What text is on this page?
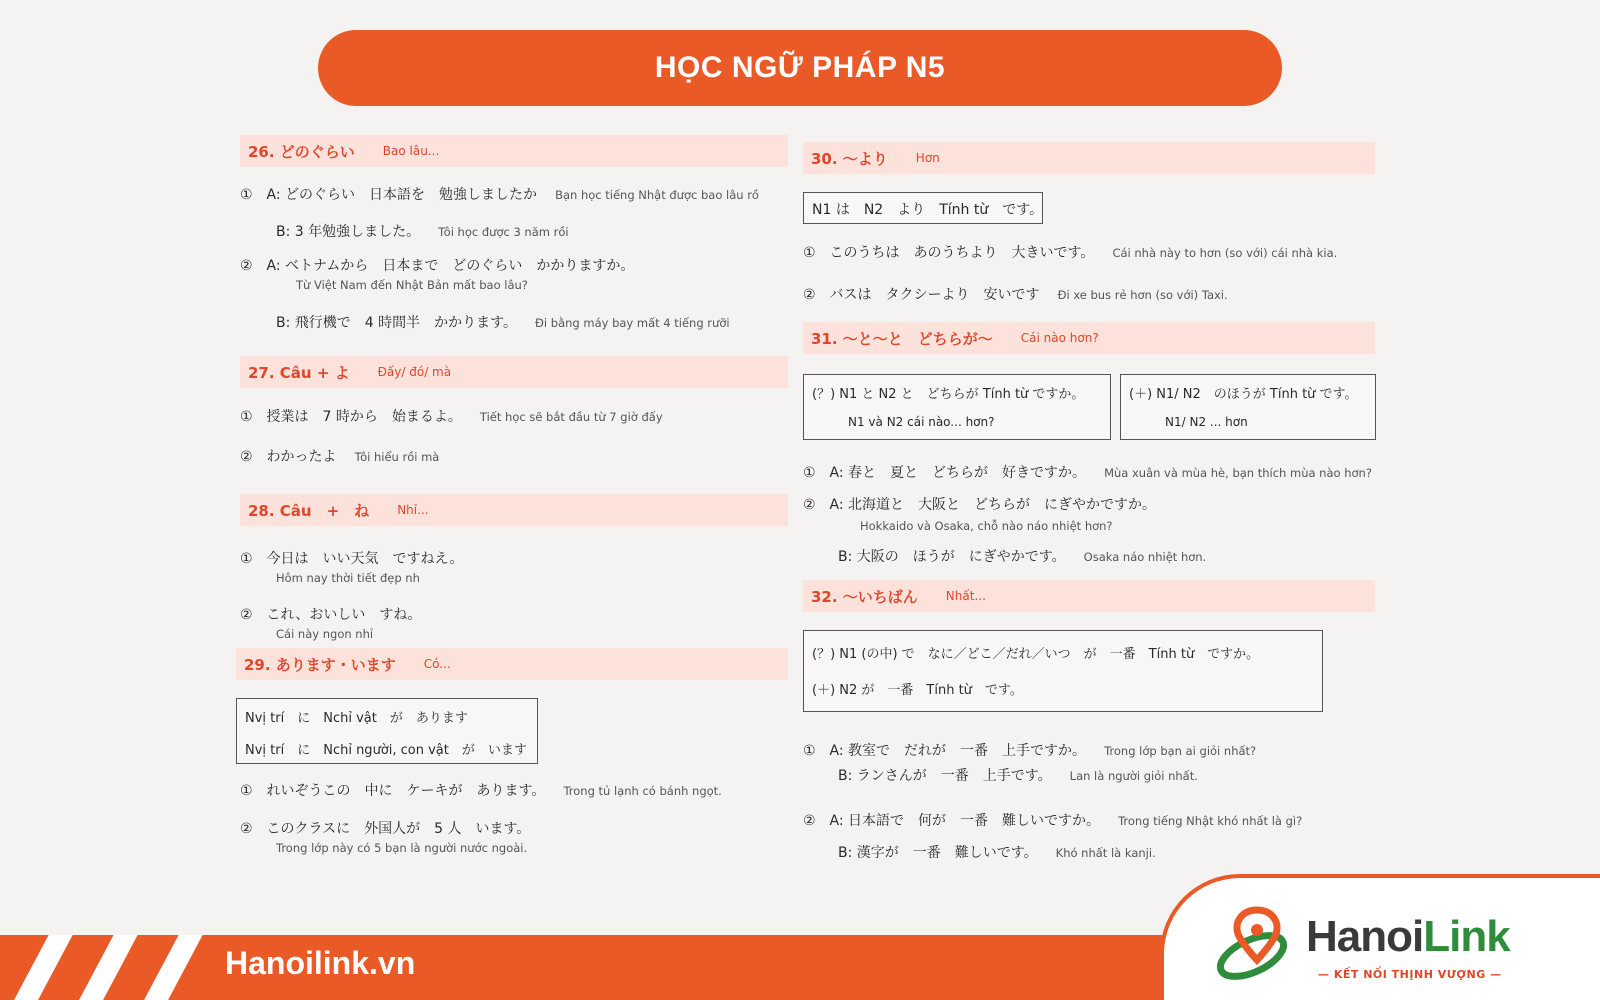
HỌC NGỮ PHÁP N5
26. どのぐらい Bao lâu...
①　A: どのぐらい　日本語を　勉強しましたか Bạn học tiếng Nhật được bao lâu rồ
B: 3 年勉強しました。 Tôi học được 3 năm rồi
②　A: ベトナムから　日本まで　どのぐらい　かかりますか。
Từ Việt Nam đến Nhật Bản mất bao lâu?
B: 飛行機で　4 時間半　かかります。 Đi bằng máy bay mất 4 tiếng rưỡi
27. Câu + よ Đấy/ đó/ mà
①　授業は　7 時から　始まるよ。 Tiết học sẽ bắt đầu từ 7 giờ đấy
②　わかったよ Tôi hiểu rồi mà
28. Câu　+　ね Nhỉ...
①　今日は　いい天気　ですねえ。
Hôm nay thời tiết đẹp nh
②　これ、おいしい　すね。
Cái này ngon nhỉ
29. あります・います Có...
Nvị trí　に　Nchỉ vật　が　あります
Nvị trí　に　Nchỉ người, con vật　が　います
①　れいぞうこの　中に　ケーキが　あります。 Trong tủ lạnh có bánh ngọt.
②　このクラスに　外国人が　5 人　います。
Trong lớp này có 5 bạn là người nước ngoài.
30. ～より Hơn
N1 は　N2　より　Tính từ　です。
①　このうちは　あのうちより　大きいです。 Cái nhà này to hơn (so với) cái nhà kia.
②　バスは　タクシーより　安いです Đi xe bus rẻ hơn (so với) Taxi.
31. ～と～と　どちらが～ Cái nào hơn?
(？) N1 と N2 と　どちらが Tính từ ですか。
N1 và N2 cái nào... hơn?
(＋) N1/ N2　のほうが Tính từ です。
N1/ N2 ... hơn
①　A: 春と　夏と　どちらが　好きですか。 Mùa xuân và mùa hè, bạn thích mùa nào hơn?
②　A: 北海道と　大阪と　どちらが　にぎやかですか。
Hokkaido và Osaka, chỗ nào náo nhiệt hơn?
B: 大阪の　ほうが　にぎやかです。 Osaka náo nhiệt hơn.
32. ～いちばん Nhất...
(？) N1 (の中) で　なに／どこ／だれ／いつ　が　一番　Tính từ　ですか。
(＋) N2 が　一番　Tính từ　です。
①　A: 教室で　だれが　一番　上手ですか。 Trong lớp bạn ai giỏi nhất?
B: ランさんが　一番　上手です。 Lan là người giỏi nhất.
②　A: 日本語で　何が　一番　難しいですか。 Trong tiếng Nhật khó nhất là gì?
B: 漢字が　一番　難しいです。 Khó nhất là kanji.
Hanoilink.vn
HanoiLink
— KẾT NỐI THỊNH VƯỢNG —
